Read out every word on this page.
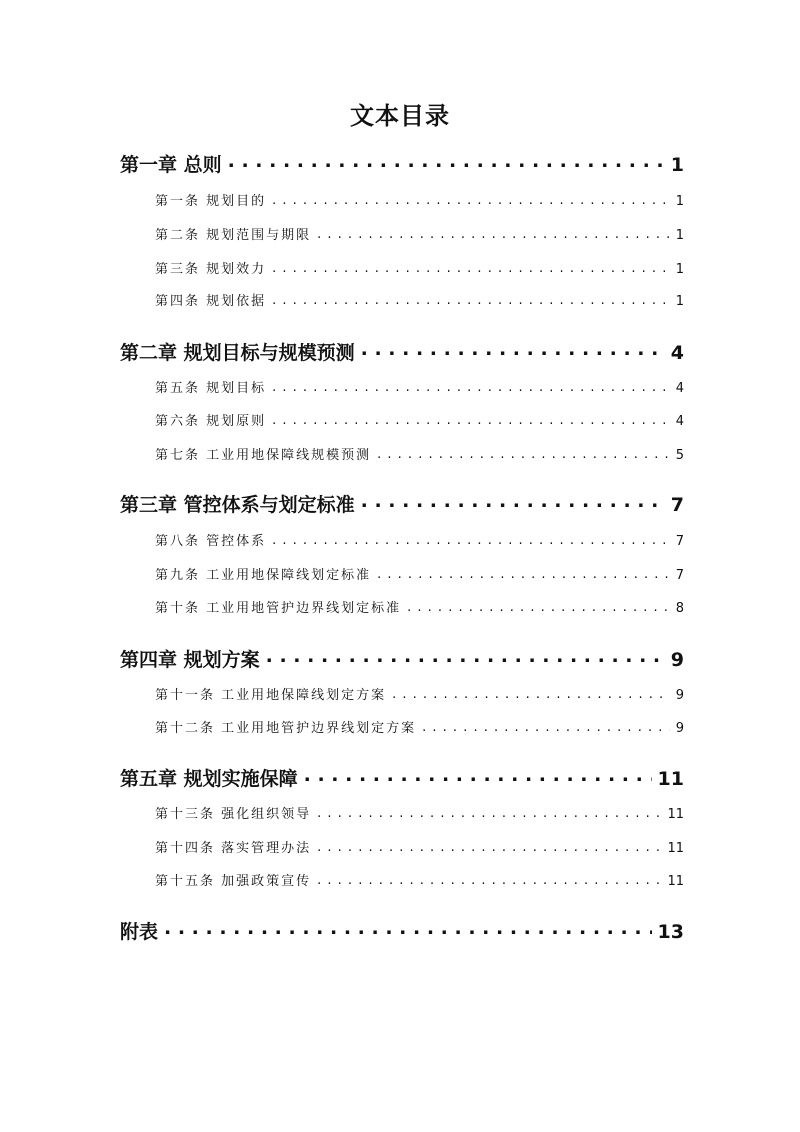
文本目录
第一章 总则 . . .	1
第一条 规划目的 . . .	1
第二条 规划范围与期限 . . .	1
第三条 规划效力 . . .	1
第四条 规划依据 . . .	1
第二章 规划目标与规模预测 . . .	4
第五条 规划目标 . . .	4
第六条 规划原则 . . .	4
第七条 工业用地保障线规模预测 . . .	5
第三章 管控体系与划定标准 . . .	7
第八条 管控体系 . . .	7
第九条 工业用地保障线划定标准 . . .	7
第十条 工业用地管护边界线划定标准 . . .	8
第四章 规划方案 . . .	9
第十一条 工业用地保障线划定方案 . . .	9
第十二条 工业用地管护边界线划定方案 . . .	9
第五章 规划实施保障 . . .	11
第十三条 强化组织领导 . . .	11
第十四条 落实管理办法 . . .	11
第十五条 加强政策宣传 . . .	11
附表 . . .	13
